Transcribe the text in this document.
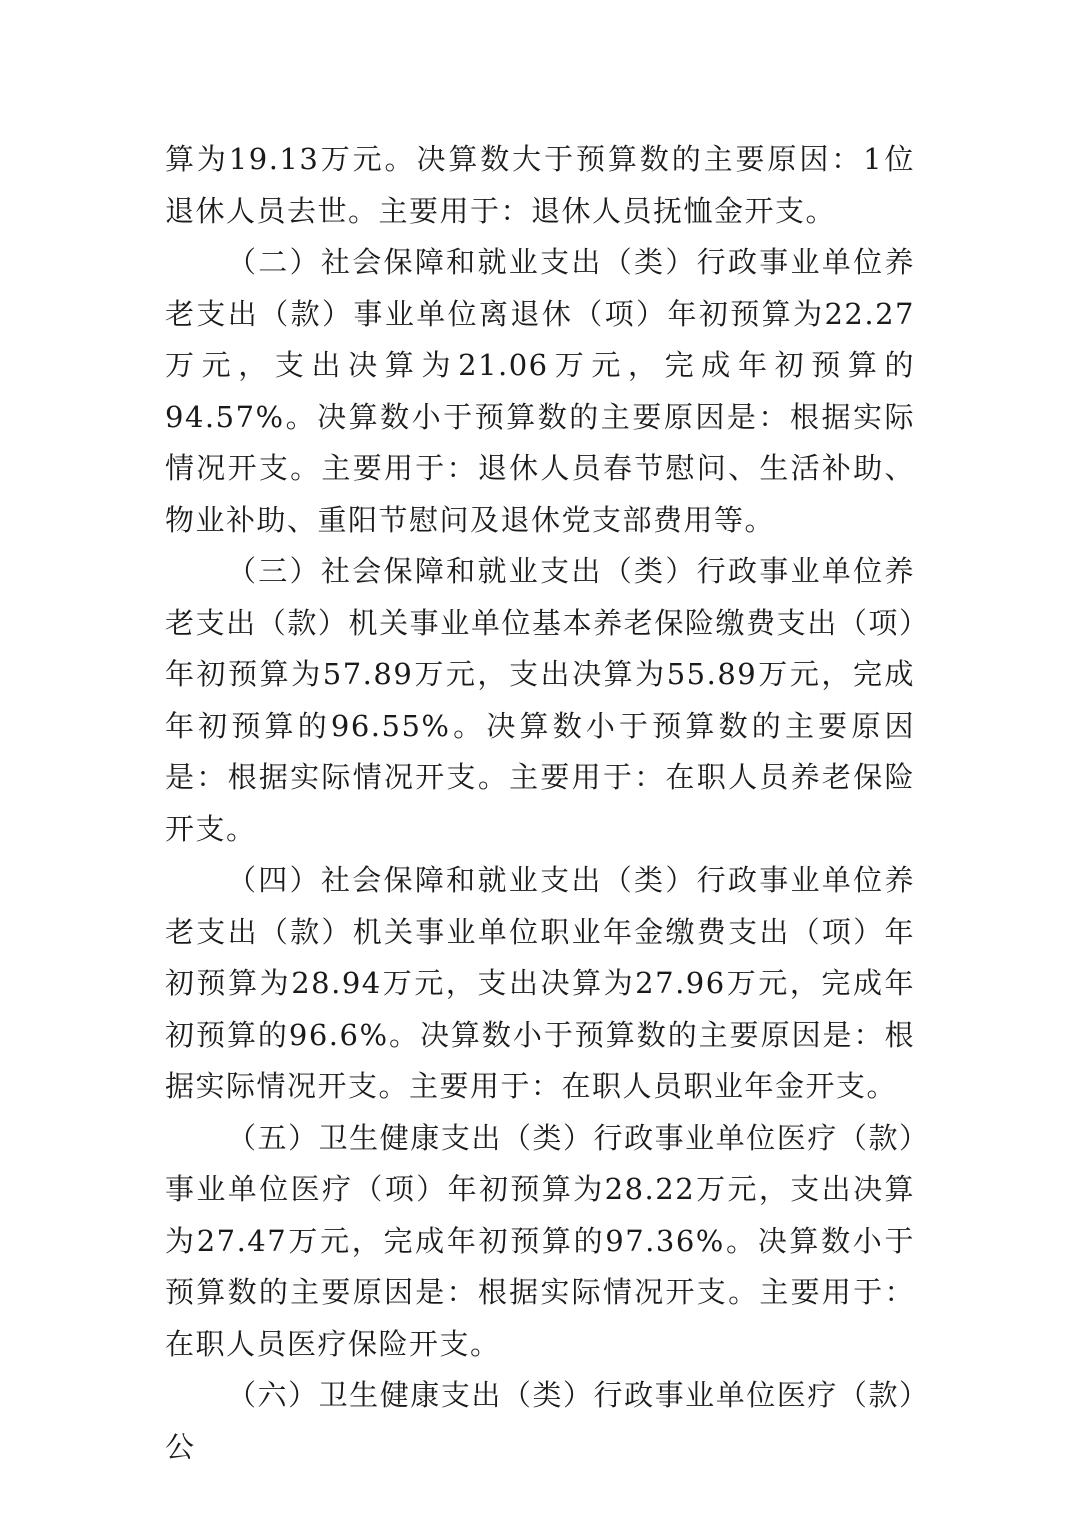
算为19.13万元。决算数大于预算数的主要原因：1位退休人员去世。主要用于：退休人员抚恤金开支。

（二）社会保障和就业支出（类）行政事业单位养老支出（款）事业单位离退休（项）年初预算为22.27万元，支出决算为21.06万元，完成年初预算的94.57%。决算数小于预算数的主要原因是：根据实际情况开支。主要用于：退休人员春节慰问、生活补助、物业补助、重阳节慰问及退休党支部费用等。

（三）社会保障和就业支出（类）行政事业单位养老支出（款）机关事业单位基本养老保险缴费支出（项）年初预算为57.89万元，支出决算为55.89万元，完成年初预算的96.55%。决算数小于预算数的主要原因是：根据实际情况开支。主要用于：在职人员养老保险开支。

（四）社会保障和就业支出（类）行政事业单位养老支出（款）机关事业单位职业年金缴费支出（项）年初预算为28.94万元，支出决算为27.96万元，完成年初预算的96.6%。决算数小于预算数的主要原因是：根据实际情况开支。主要用于：在职人员职业年金开支。

（五）卫生健康支出（类）行政事业单位医疗（款）事业单位医疗（项）年初预算为28.22万元，支出决算为27.47万元，完成年初预算的97.36%。决算数小于预算数的主要原因是：根据实际情况开支。主要用于：在职人员医疗保险开支。

（六）卫生健康支出（类）行政事业单位医疗（款）公
